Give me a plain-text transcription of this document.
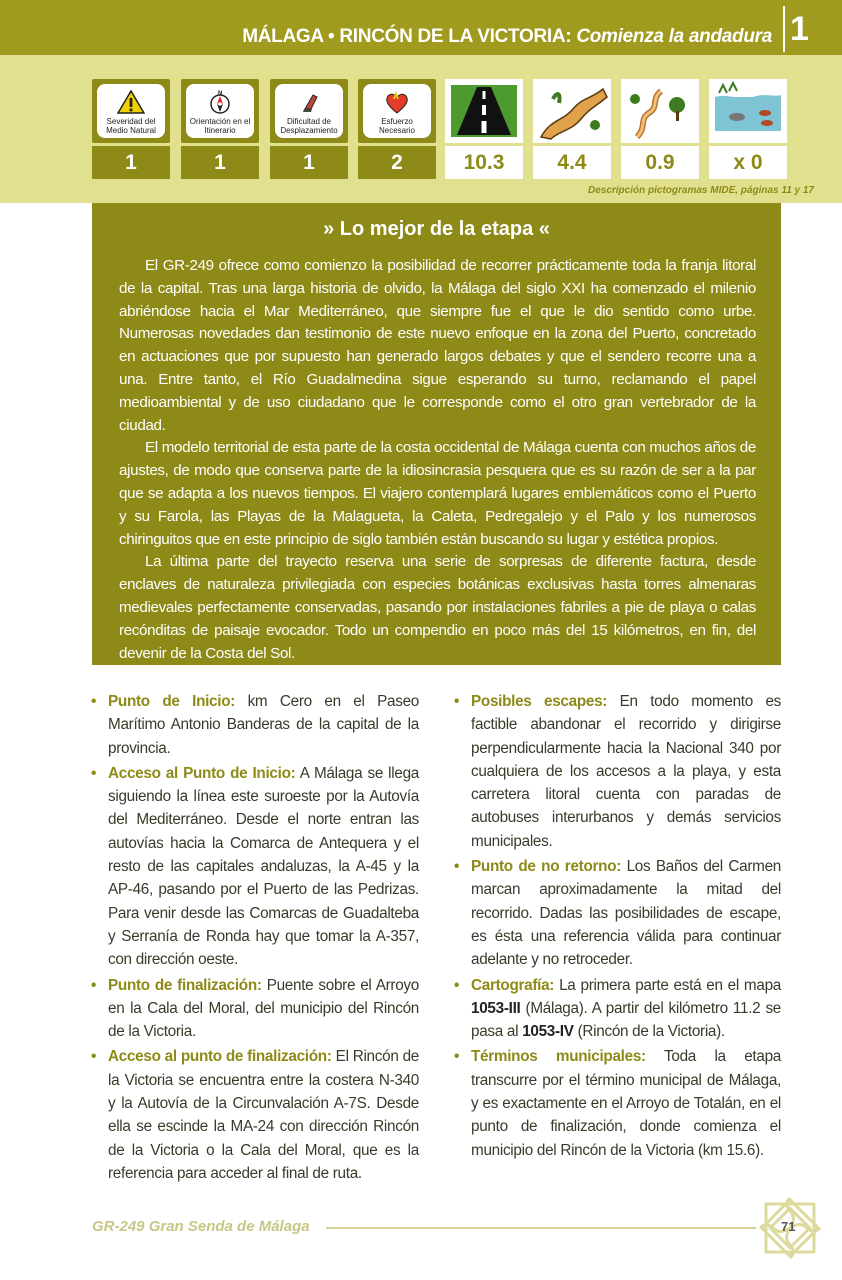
MÁLAGA • RINCÓN DE LA VICTORIA: Comienza la andadura 1
Severidad del Medio Natural
N
Orientación en el Itinerario
Dificultad de Desplazamiento
Esfuerzo Necesario
1	1	1	2	10.3	4.4	0.9	x 0
Descripción pictogramas MIDE, páginas 11 y 17
» Lo mejor de la etapa «

El GR-249 ofrece como comienzo la posibilidad de recorrer prácticamente toda la franja litoral de la capital. Tras una larga historia de olvido, la Málaga del siglo XXI ha comenzado el milenio abriéndose hacia el Mar Mediterráneo, que siempre fue el que le dio sentido como urbe. Numerosas novedades dan testimonio de este nuevo enfoque en la zona del Puerto, concretado en actuaciones que por supuesto han generado largos debates y que el sendero recorre una a una. Entre tanto, el Río Guadalmedina sigue esperando su turno, reclamando el papel medioambiental y de uso ciudadano que le corresponde como el otro gran vertebrador de la ciudad.

El modelo territorial de esta parte de la costa occidental de Málaga cuenta con muchos años de ajustes, de modo que conserva parte de la idiosincrasia pesquera que es su razón de ser a la par que se adapta a los nuevos tiempos. El viajero contemplará lugares emblemáticos como el Puerto y su Farola, las Playas de la Malagueta, la Caleta, Pedregalejo y el Palo y los numerosos chiringuitos que en este principio de siglo también están buscando su lugar y estética propios.

La última parte del trayecto reserva una serie de sorpresas de diferente factura, desde enclaves de naturaleza privilegiada con especies botánicas exclusivas hasta torres almenaras medievales perfectamente conservadas, pasando por instalaciones fabriles a pie de playa o calas recónditas de paisaje evocador. Todo un compendio en poco más del 15 kilómetros, en fin, del devenir de la Costa del Sol.

• Punto de Inicio: km Cero en el Paseo Marítimo Antonio Banderas de la capital de la provincia.
• Acceso al Punto de Inicio: A Málaga se llega siguiendo la línea este suroeste por la Autovía del Mediterráneo. Desde el norte entran las autovías hacia la Comarca de Antequera y el resto de las capitales andaluzas, la A-45 y la AP-46, pasando por el Puerto de las Pedrizas. Para venir desde las Comarcas de Guadalteba y Serranía de Ronda hay que tomar la A-357, con dirección oeste.
• Punto de finalización: Puente sobre el Arroyo en la Cala del Moral, del municipio del Rincón de la Victoria.
• Acceso al punto de finalización: El Rincón de la Victoria se encuentra entre la costera N-340 y la Autovía de la Circunvalación A-7S. Desde ella se escinde la MA-24 con dirección Rincón de la Victoria o la Cala del Moral, que es la referencia para acceder al final de ruta.
• Posibles escapes: En todo momento es factible abandonar el recorrido y dirigirse perpendicularmente hacia la Nacional 340 por cualquiera de los accesos a la playa, y esta carretera litoral cuenta con paradas de autobuses interurbanos y demás servicios municipales.
• Punto de no retorno: Los Baños del Carmen marcan aproximadamente la mitad del recorrido. Dadas las posibilidades de escape, es ésta una referencia válida para continuar adelante y no retroceder.
• Cartografía: La primera parte está en el mapa 1053-III (Málaga). A partir del kilómetro 11.2 se pasa al 1053-IV (Rincón de la Victoria).
• Términos municipales: Toda la etapa transcurre por el término municipal de Málaga, y es exactamente en el Arroyo de Totalán, en el punto de finalización, donde comienza el municipio del Rincón de la Victoria (km 15.6).
GR-249 Gran Senda de Málaga	71
